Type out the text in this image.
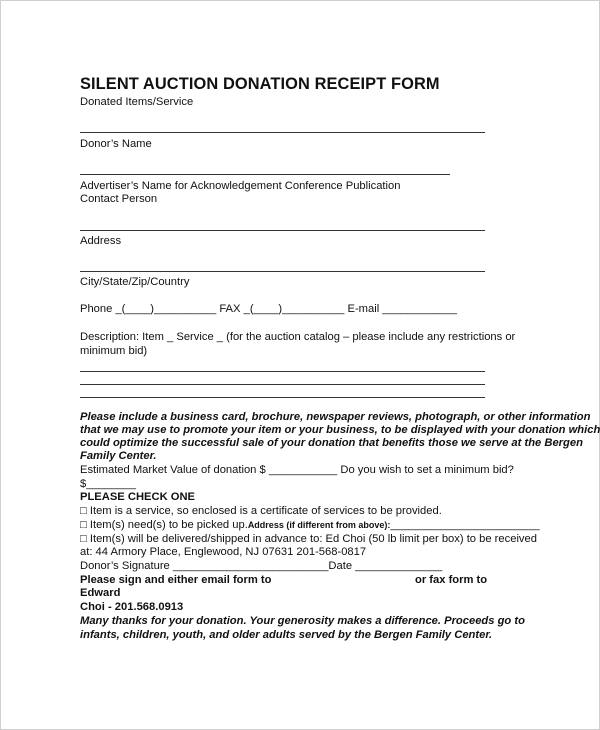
SILENT AUCTION DONATION RECEIPT FORM
Donated Items/Service
Donor’s Name
Advertiser’s Name for Acknowledgement Conference Publication
Contact Person
Address
City/State/Zip/Country
Phone _(____)__________ FAX _(____)__________ E-mail ____________
Description: Item _ Service _ (for the auction catalog – please include any restrictions or
minimum bid)
Please include a business card, brochure, newspaper reviews, photograph, or other information
that we may use to promote your item or your business, to be displayed with your donation which
could optimize the successful sale of your donation that benefits those we serve at the Bergen
Family Center.
Estimated Market Value of donation $ ___________ Do you wish to set a minimum bid?
$________
PLEASE CHECK ONE
□ Item is a service, so enclosed is a certificate of services to be provided.
□ Item(s) need(s) to be picked up.Address (if different from above):________________________
□ Item(s) will be delivered/shipped in advance to: Ed Choi (50 lb limit per box) to be received
at: 44 Armory Place, Englewood, NJ 07631 201-568-0817
Donor’s Signature _________________________Date ______________
Please sign and either email form to	or fax form to
Edward
Choi - 201.568.0913
Many thanks for your donation. Your generosity makes a difference. Proceeds go to
infants, children, youth, and older adults served by the Bergen Family Center.
